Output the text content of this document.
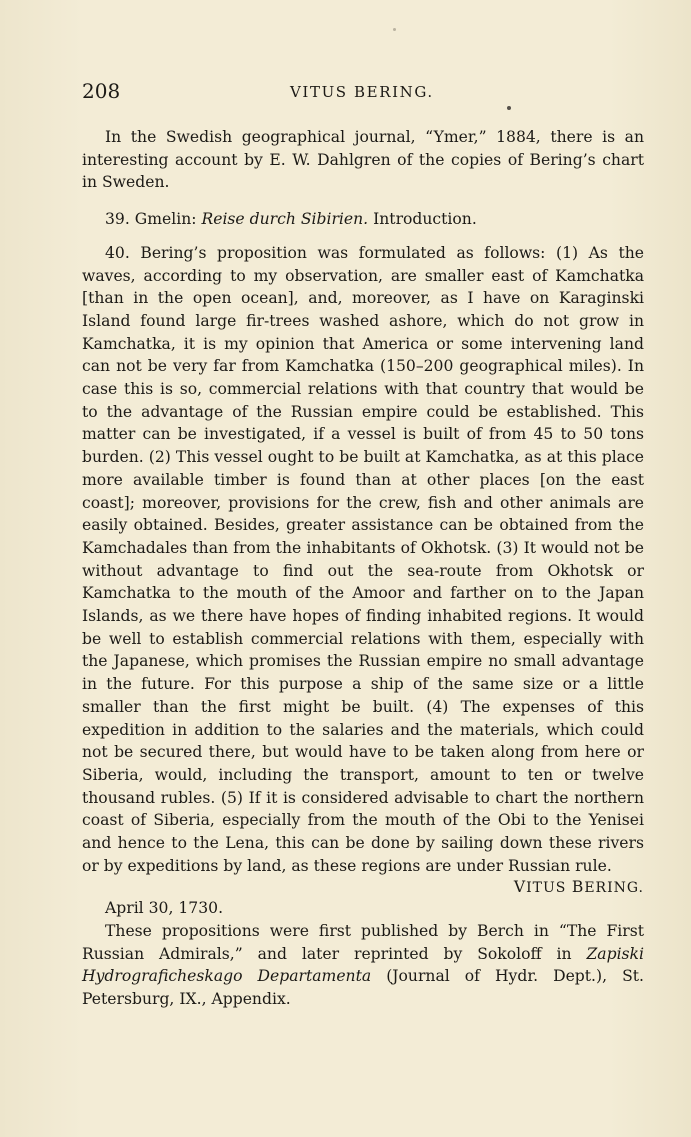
208	VITUS BERING.

In the Swedish geographical journal, “Ymer,” 1884, there is an interesting account by E. W. Dahlgren of the copies of Bering’s chart in Sweden.

39. Gmelin: Reise durch Sibirien. Introduction.

40. Bering’s proposition was formulated as follows: (1) As the waves, according to my observation, are smaller east of Kamchatka [than in the open ocean], and, moreover, as I have on Karaginski Island found large fir-trees washed ashore, which do not grow in Kamchatka, it is my opinion that America or some intervening land can not be very far from Kamchatka (150–200 geographical miles). In case this is so, commercial relations with that country that would be to the advantage of the Russian empire could be established. This matter can be investigated, if a vessel is built of from 45 to 50 tons burden. (2) This vessel ought to be built at Kamchatka, as at this place more available timber is found than at other places [on the east coast]; moreover, provisions for the crew, fish and other animals are easily obtained. Besides, greater assistance can be obtained from the Kamchadales than from the inhabitants of Okhotsk. (3) It would not be without advantage to find out the sea-route from Okhotsk or Kamchatka to the mouth of the Amoor and farther on to the Japan Islands, as we there have hopes of finding inhabited regions. It would be well to establish commercial relations with them, especially with the Japanese, which promises the Russian empire no small advantage in the future. For this purpose a ship of the same size or a little smaller than the first might be built. (4) The expenses of this expedition in addition to the salaries and the materials, which could not be secured there, but would have to be taken along from here or Siberia, would, including the transport, amount to ten or twelve thousand rubles. (5) If it is considered advisable to chart the northern coast of Siberia, especially from the mouth of the Obi to the Yenisei and hence to the Lena, this can be done by sailing down these rivers or by expeditions by land, as these regions are under Russian rule.

VITUS BERING.

April 30, 1730.

These propositions were first published by Berch in “The First Russian Admirals,” and later reprinted by Sokoloff in Zapiski Hydrograficheskago Departamenta (Journal of Hydr. Dept.), St. Petersburg, IX., Appendix.
